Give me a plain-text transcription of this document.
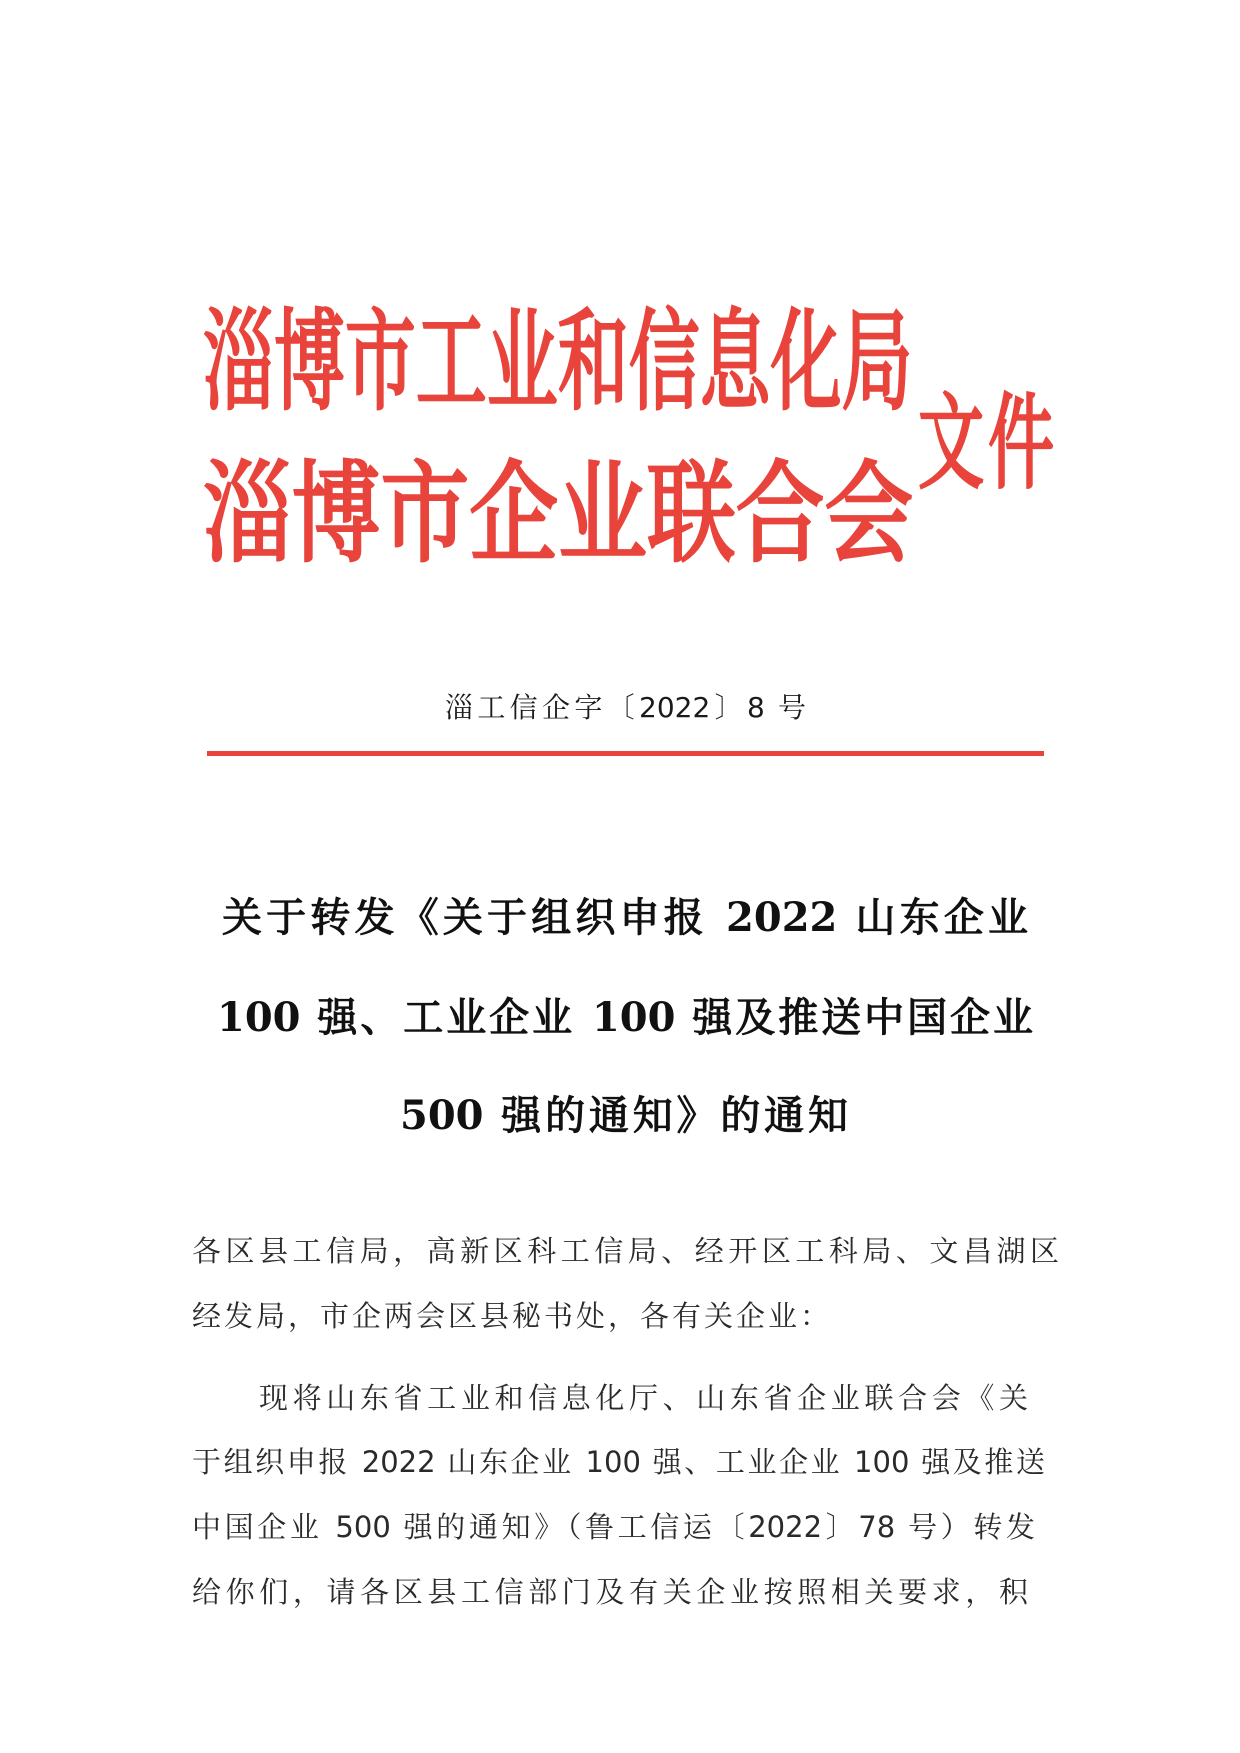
淄博市工业和信息化局
淄博市企业联合会
文件
淄工信企字〔2022〕8 号
关于转发《关于组织申报 2022 山东企业
100 强、工业企业 100 强及推送中国企业
500 强的通知》的通知
各区县工信局，高新区科工信局、经开区工科局、文昌湖区
经发局，市企两会区县秘书处，各有关企业：
现将山东省工业和信息化厅、山东省企业联合会《关
于组织申报 2022 山东企业 100 强、工业企业 100 强及推送
中国企业 500 强的通知》（鲁工信运〔2022〕78 号）转发
给你们，请各区县工信部门及有关企业按照相关要求，积
